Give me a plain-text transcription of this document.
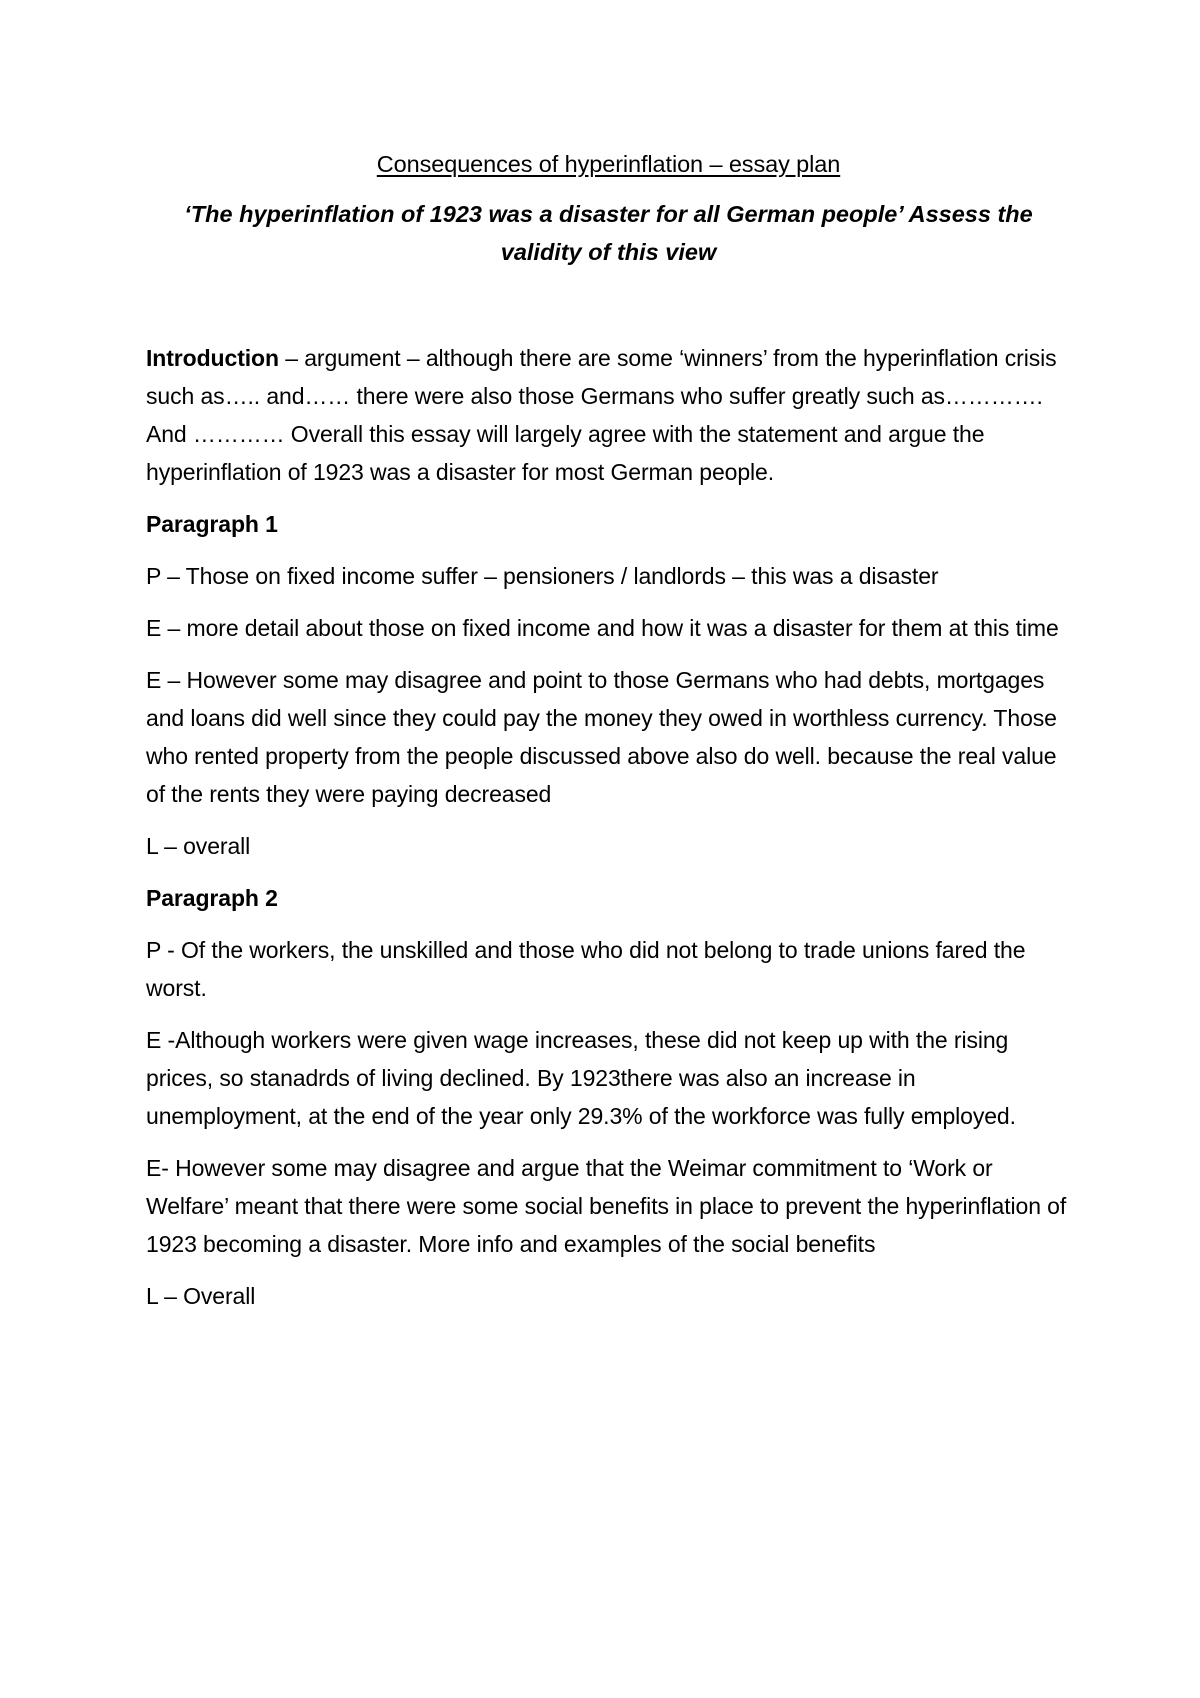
Consequences of hyperinflation – essay plan
‘The hyperinflation of 1923 was a disaster for all German people’ Assess the validity of this view

Introduction – argument – although there are some ‘winners’ from the hyperinflation crisis such as….. and…… there were also those Germans who suffer greatly such as…………. And ………… Overall this essay will largely agree with the statement and argue the hyperinflation of 1923 was a disaster for most German people.

Paragraph 1

P – Those on fixed income suffer – pensioners / landlords – this was a disaster

E – more detail about those on fixed income and how it was a disaster for them at this time

E – However some may disagree and point to those Germans who had debts, mortgages and loans did well since they could pay the money they owed in worthless currency. Those who rented property from the people discussed above also do well. because the real value of the rents they were paying decreased

L – overall

Paragraph 2

P - Of the workers, the unskilled and those who did not belong to trade unions fared the worst.

E -Although workers were given wage increases, these did not keep up with the rising prices, so stanadrds of living declined. By 1923there was also an increase in unemployment, at the end of the year only 29.3% of the workforce was fully employed.

E- However some may disagree and argue that the Weimar commitment to ‘Work or Welfare’ meant that there were some social benefits in place to prevent the hyperinflation of 1923 becoming a disaster. More info and examples of the social benefits

L – Overall
